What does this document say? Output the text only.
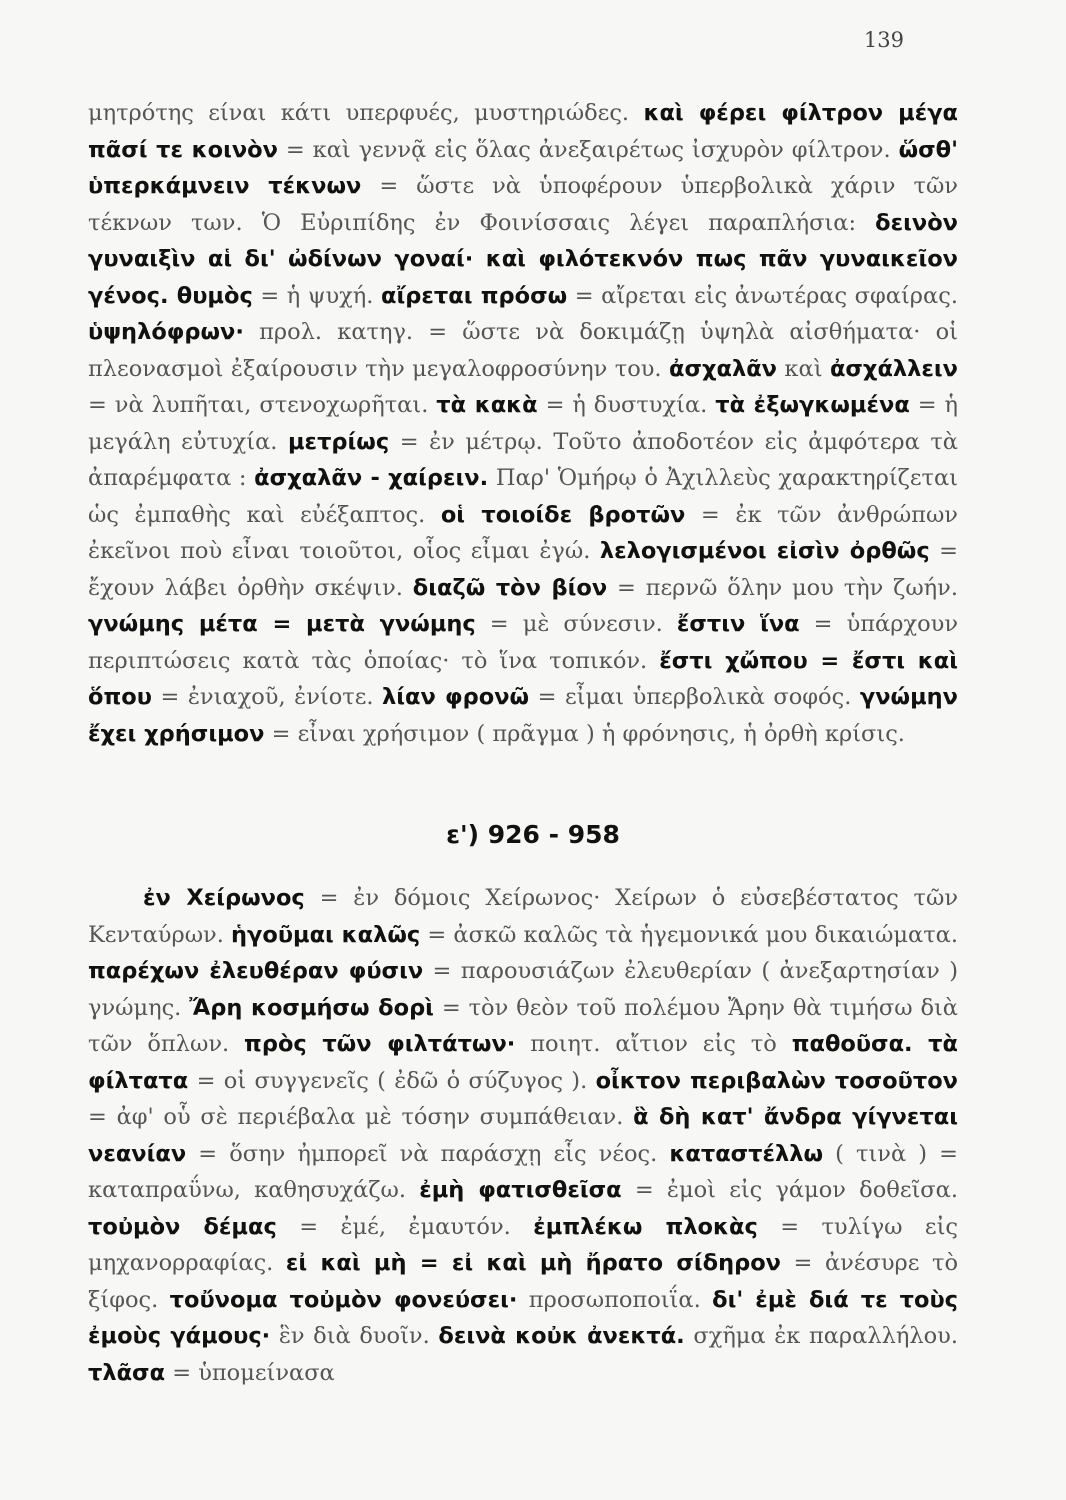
139

μητρότης είναι κάτι υπερφυές, μυστηριώδες. καὶ φέρει φίλτρον μέγα πᾶσί τε κοινὸν = καὶ γεννᾷ εἰς ὅλας ἀνεξαιρέτως ἰσχυρὸν φίλτρον. ὥσθ' ὑπερκάμνειν τέκνων = ὥστε νὰ ὑποφέρουν ὑπερβολικὰ χάριν τῶν τέκνων των. Ὁ Εὐριπίδης ἐν Φοινίσσαις λέγει παραπλήσια: δεινὸν γυναιξὶν αἱ δι' ὠδίνων γοναί· καὶ φιλότεκνόν πως πᾶν γυναικεῖον γένος. θυμὸς = ἡ ψυχή. αἴρεται πρόσω = αἴρεται εἰς ἀνωτέρας σφαίρας. ὑψηλόφρων· προλ. κατηγ. = ὥστε νὰ δοκιμάζῃ ὑψηλὰ αἰσθήματα· οἱ πλεονασμοὶ ἐξαίρουσιν τὴν μεγαλοφροσύνην του. ἀσχαλᾶν καὶ ἀσχάλλειν = νὰ λυπῆται, στενοχωρῆται. τὰ κακὰ = ἡ δυστυχία. τὰ ἐξωγκωμένα = ἡ μεγάλη εὐτυχία. μετρίως = ἐν μέτρῳ. Τοῦτο ἀποδοτέον εἰς ἀμφότερα τὰ ἀπαρέμφατα : ἀσχαλᾶν - χαίρειν. Παρ' Ὁμήρῳ ὁ Ἀχιλλεὺς χαρακτηρίζεται ὡς ἐμπαθὴς καὶ εὐέξαπτος. οἱ τοιοίδε βροτῶν = ἐκ τῶν ἀνθρώπων ἐκεῖνοι ποὺ εἶναι τοιοῦτοι, οἷος εἶμαι ἐγώ. λελογισμένοι εἰσὶν ὀρθῶς = ἔχουν λάβει ὀρθὴν σκέψιν. διαζῶ τὸν βίον = περνῶ ὅλην μου τὴν ζωήν. γνώμης μέτα = μετὰ γνώμης = μὲ σύνεσιν. ἔστιν ἵνα = ὑπάρχουν περιπτώσεις κατὰ τὰς ὁποίας· τὸ ἵνα τοπικόν. ἔστι χὤπου = ἔστι καὶ ὅπου = ἐνιαχοῦ, ἐνίοτε. λίαν φρονῶ = εἶμαι ὑπερβολικὰ σοφός. γνώμην ἔχει χρήσιμον = εἶναι χρήσιμον ( πρᾶγμα ) ἡ φρόνησις, ἡ ὀρθὴ κρίσις.

ε') 926 - 958

ἐν Χείρωνος = ἐν δόμοις Χείρωνος· Χείρων ὁ εὐσεβέστατος τῶν Κενταύρων. ἡγοῦμαι καλῶς = ἀσκῶ καλῶς τὰ ἡγεμονικά μου δικαιώματα. παρέχων ἐλευθέραν φύσιν = παρουσιάζων ἐλευθερίαν ( ἀνεξαρτησίαν ) γνώμης. Ἄρη κοσμήσω δορὶ = τὸν θεὸν τοῦ πολέμου Ἄρην θὰ τιμήσω διὰ τῶν ὅπλων. πρὸς τῶν φιλτάτων· ποιητ. αἴτιον εἰς τὸ παθοῦσα. τὰ φίλτατα = οἱ συγγενεῖς ( ἐδῶ ὁ σύζυγος ). οἶκτον περιβαλὼν τοσοῦτον = ἀφ' οὗ σὲ περιέβαλα μὲ τόσην συμπάθειαν. ἃ δὴ κατ' ἄνδρα γίγνεται νεανίαν = ὅσην ἠμπορεῖ νὰ παράσχῃ εἷς νέος. καταστέλλω ( τινὰ ) = καταπραΰνω, καθησυχάζω. ἐμὴ φατισθεῖσα = ἐμοὶ εἰς γάμον δοθεῖσα. τοὐμὸν δέμας = ἐμέ, ἐμαυτόν. ἐμπλέκω πλοκὰς = τυλίγω εἰς μηχανορραφίας. εἰ καὶ μὴ = εἰ καὶ μὴ ἤρατο σίδηρον = ἀνέσυρε τὸ ξίφος. τοὔνομα τοὐμὸν φονεύσει· προσωποποιΐα. δι' ἐμὲ διά τε τοὺς ἐμοὺς γάμους· ἓν διὰ δυοῖν. δεινὰ κοὐκ ἀνεκτά. σχῆμα ἐκ παραλλήλου. τλᾶσα = ὑπομείνασα
